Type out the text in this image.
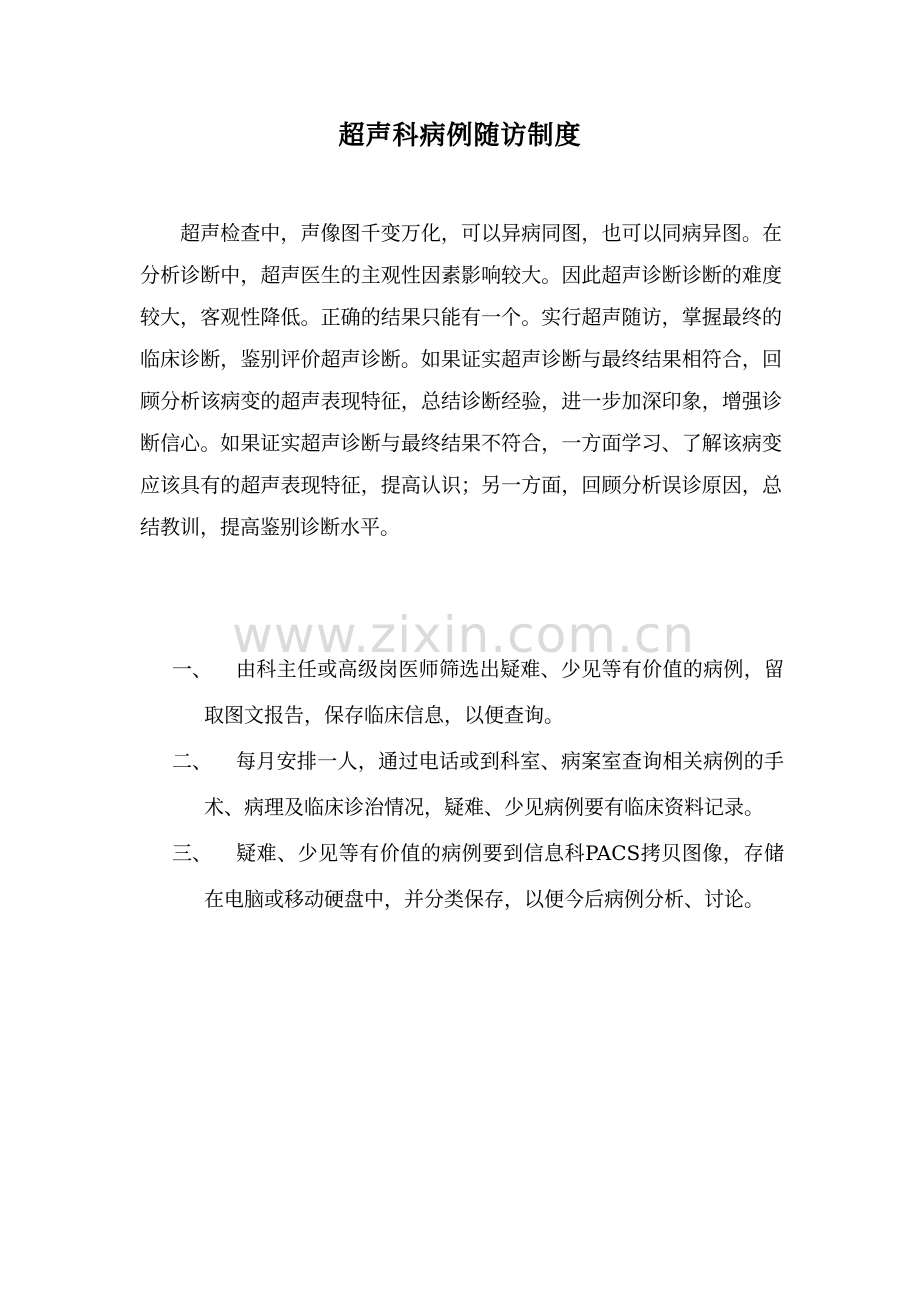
超声科病例随访制度

超声检查中，声像图千变万化，可以异病同图，也可以同病异图。在分析诊断中，超声医生的主观性因素影响较大。因此超声诊断诊断的难度较大，客观性降低。正确的结果只能有一个。实行超声随访，掌握最终的临床诊断，鉴别评价超声诊断。如果证实超声诊断与最终结果相符合，回顾分析该病变的超声表现特征，总结诊断经验，进一步加深印象，增强诊断信心。如果证实超声诊断与最终结果不符合，一方面学习、了解该病变应该具有的超声表现特征，提高认识；另一方面，回顾分析误诊原因，总结教训，提高鉴别诊断水平。

www.zixin.com.cn
一、	由科主任或高级岗医师筛选出疑难、少见等有价值的病例，留取图文报告，保存临床信息，以便查询。
二、	每月安排一人，通过电话或到科室、病案室查询相关病例的手术、病理及临床诊治情况，疑难、少见病例要有临床资料记录。
三、	疑难、少见等有价值的病例要到信息科PACS拷贝图像，存储在电脑或移动硬盘中，并分类保存，以便今后病例分析、讨论。
